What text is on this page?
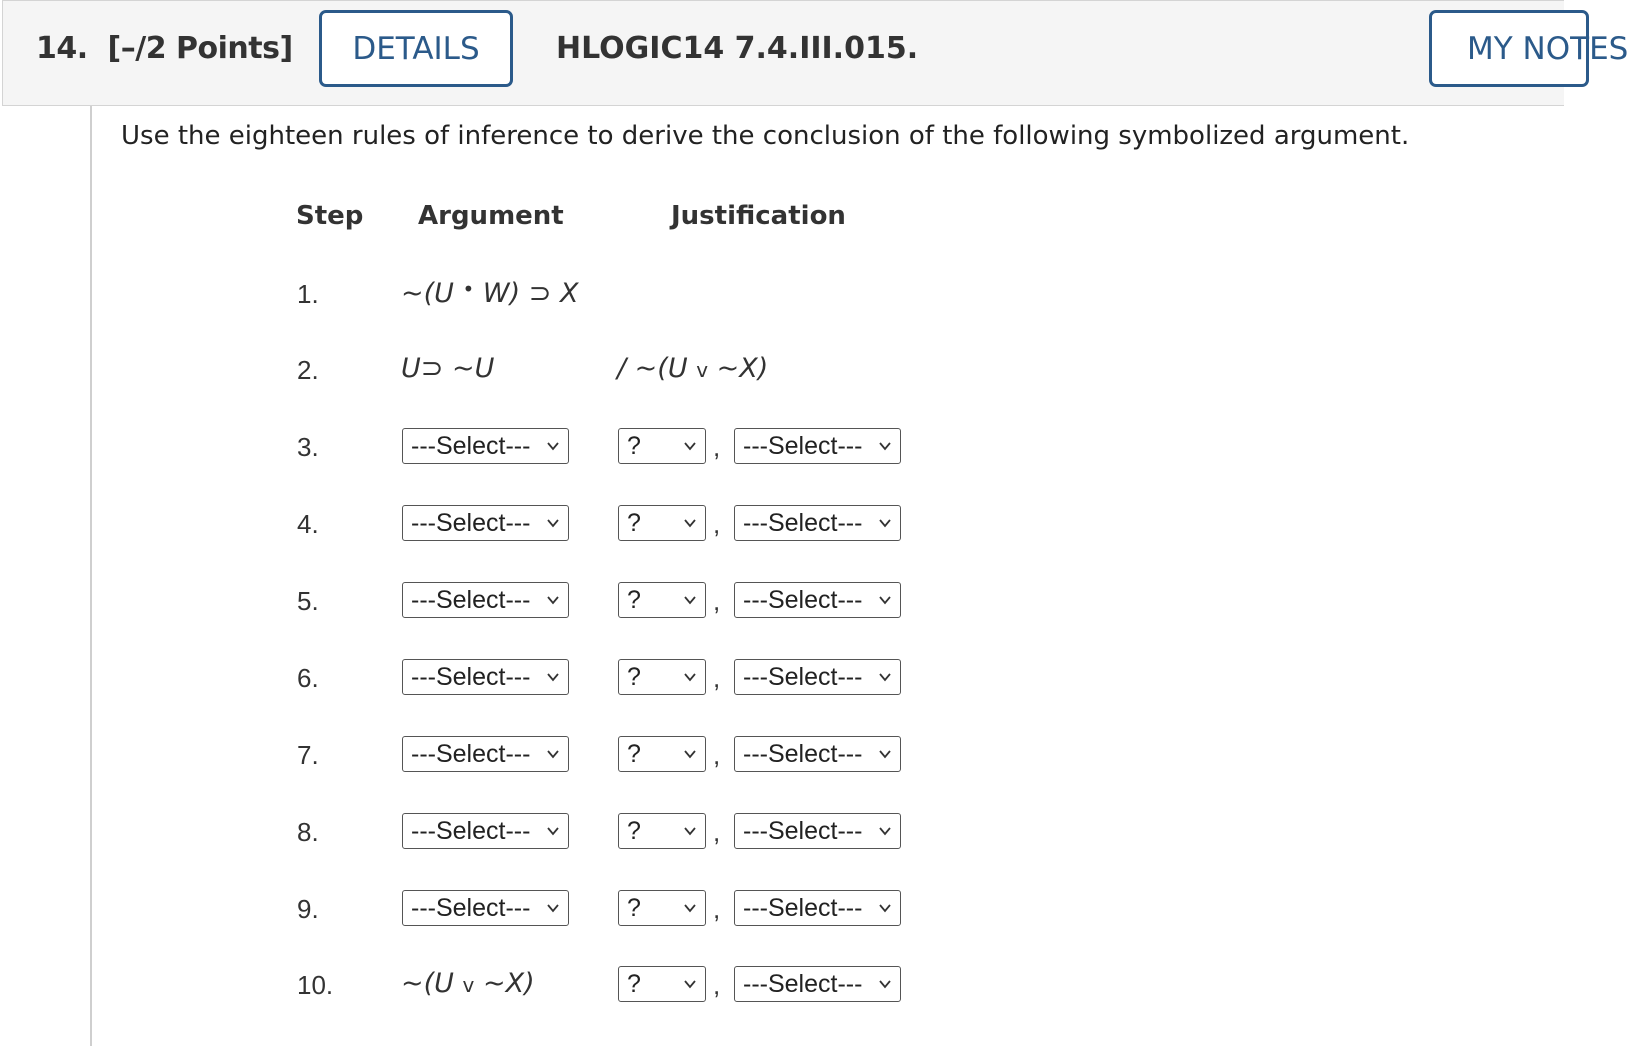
14. [–/2 Points]	DETAILS	HLOGIC14 7.4.III.015.	MY NOTES
Use the eighteen rules of inference to derive the conclusion of the following symbolized argument.
Step Argument	Justification
1.	~(U • W) ⊃ X
2.	U⊃ ~U	/ ~(U v ~X)
3.	---Select---	?	, ---Select---
4.	---Select---	?	, ---Select---
5.	---Select---	?	, ---Select---
6.	---Select---	?	, ---Select---
7.	---Select---	?	, ---Select---
8.	---Select---	?	, ---Select---
9.	---Select---	?	, ---Select---
10.	~(U v ~X)	?	, ---Select---
